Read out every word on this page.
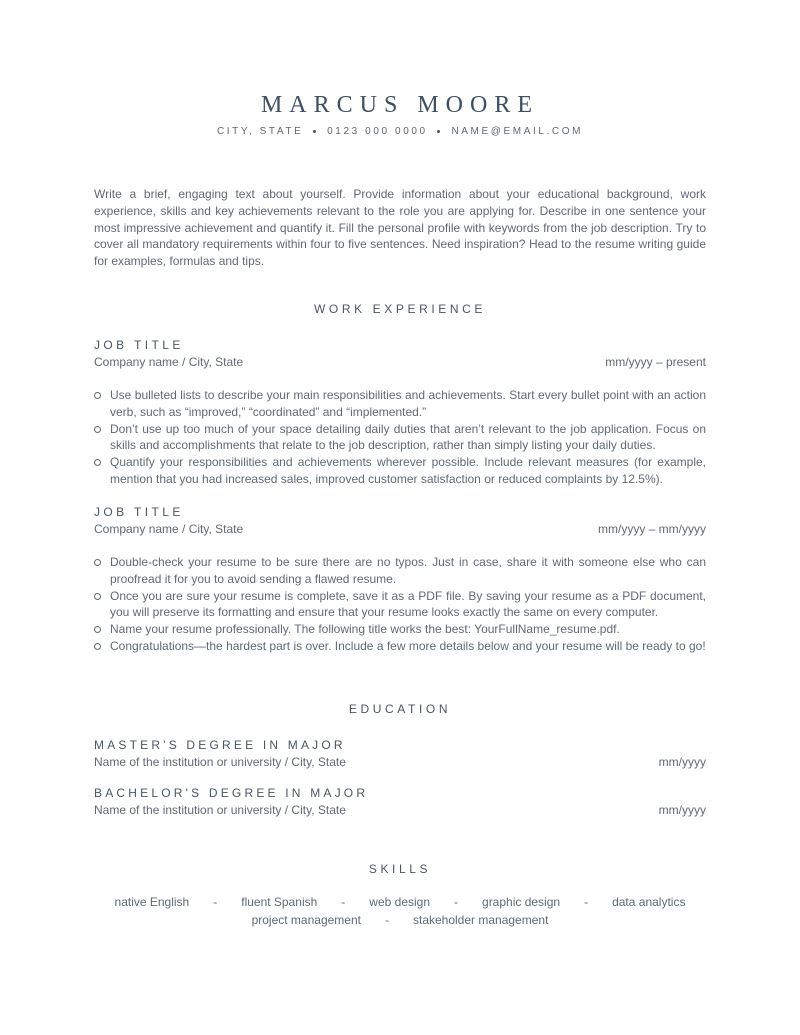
MARCUS MOORE
CITY, STATE 0123 000 0000 NAME@EMAIL.COM
Write a brief, engaging text about yourself. Provide information about your educational background, work experience, skills and key achievements relevant to the role you are applying for. Describe in one sentence your most impressive achievement and quantify it. Fill the personal profile with keywords from the job description. Try to cover all mandatory requirements within four to five sentences. Need inspiration? Head to the resume writing guide for examples, formulas and tips.
WORK EXPERIENCE
JOB TITLE
Company name / City, State	mm/yyyy – present
Use bulleted lists to describe your main responsibilities and achievements. Start every bullet point with an action verb, such as “improved,” “coordinated” and “implemented.”
Don’t use up too much of your space detailing daily duties that aren’t relevant to the job application. Focus on skills and accomplishments that relate to the job description, rather than simply listing your daily duties.
Quantify your responsibilities and achievements wherever possible. Include relevant measures (for example, mention that you had increased sales, improved customer satisfaction or reduced complaints by 12.5%).
JOB TITLE
Company name / City, State	mm/yyyy – mm/yyyy
Double-check your resume to be sure there are no typos. Just in case, share it with someone else who can proofread it for you to avoid sending a flawed resume.
Once you are sure your resume is complete, save it as a PDF file. By saving your resume as a PDF document, you will preserve its formatting and ensure that your resume looks exactly the same on every computer.
Name your resume professionally. The following title works the best: YourFullName_resume.pdf.
Congratulations—the hardest part is over. Include a few more details below and your resume will be ready to go!
EDUCATION
MASTER'S DEGREE IN MAJOR
Name of the institution or university / City, State	mm/yyyy
BACHELOR'S DEGREE IN MAJOR
Name of the institution or university / City, State	mm/yyyy
SKILLS
native English - fluent Spanish - web design - graphic design - data analytics
project management - stakeholder management
